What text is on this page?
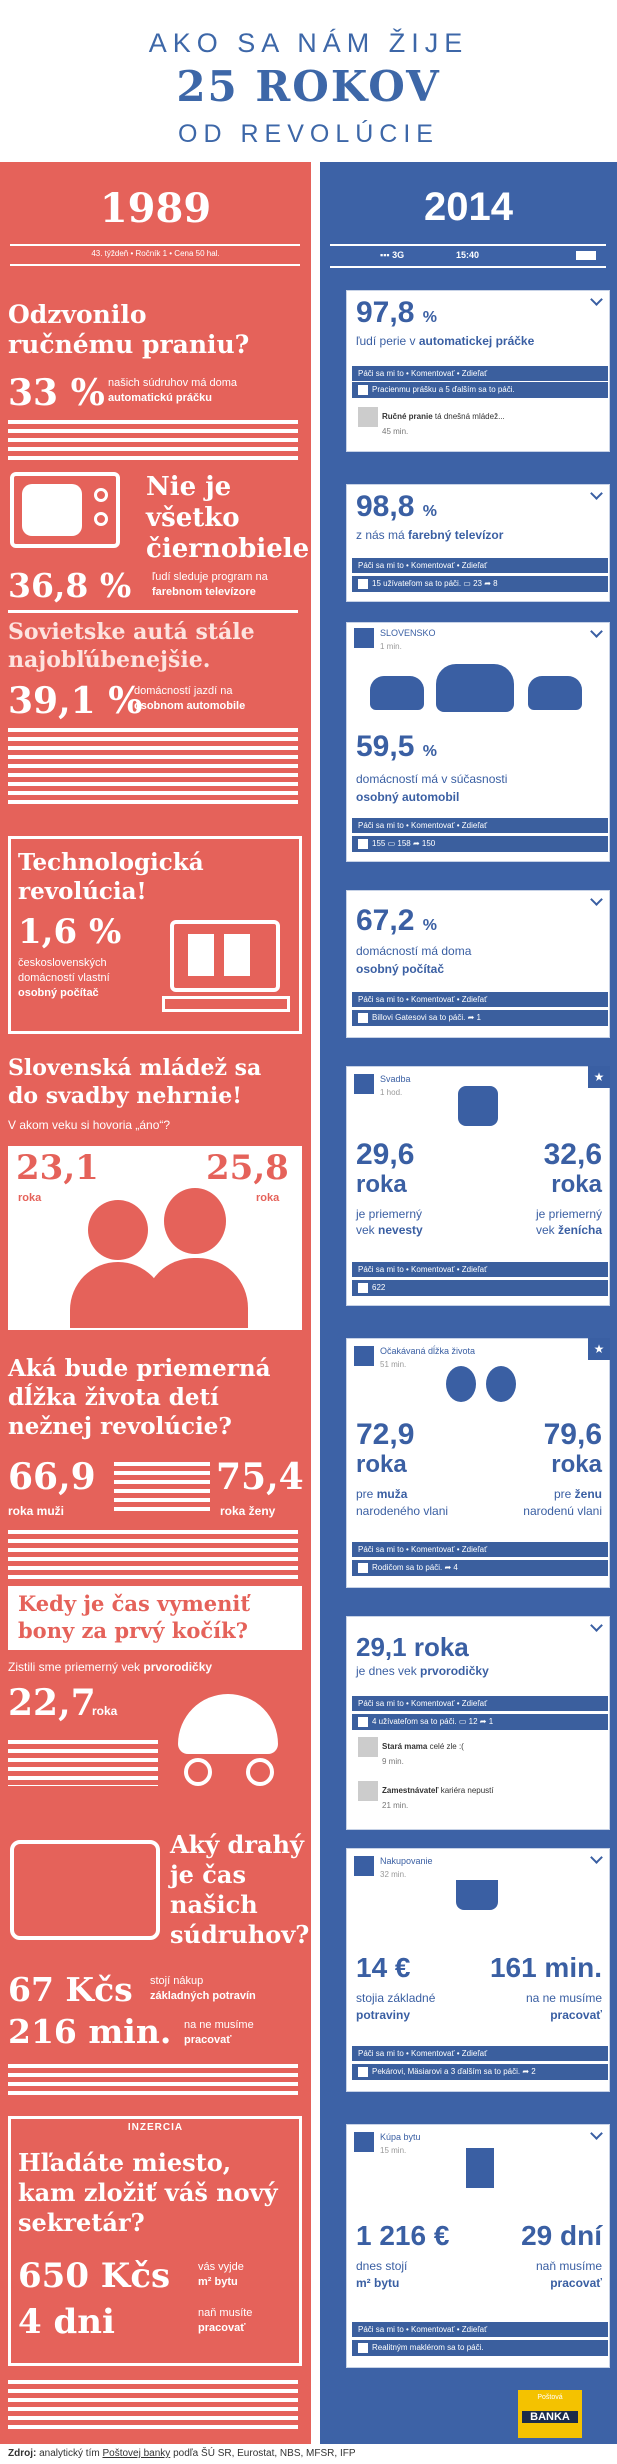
AKO SA NÁM ŽIJE
25 ROKOV
OD REVOLÚCIE
1989
43. týždeň • Ročník 1 • Cena 50 hal.
Odzvonilo
ručnému praniu?
33 % našich súdruhov má doma
automatickú práčku
Nie je
všetko
čiernobiele.
36,8 % ľudí sleduje program na
farebnom televízore
Sovietske autá stále
najobľúbenejšie.
39,1 %
domácností jazdí na
osobnom automobile
Technologická
revolúcia!
1,6 %
československých
domácností vlastní
osobný počítač
Slovenská mládež sa
do svadby nehrnie!
V akom veku si hovoria „áno“?
23,1
roka
25,8
roka
Aká bude priemerná
dĺžka života detí
nežnej revolúcie?
66,9
roka muži
75,4
roka ženy
Kedy je čas vymeniť
bony za prvý kočík?
Zistili sme priemerný vek prvorodičky
22,7
roka
Aký drahý
je čas
našich
súdruhov?
67 Kčs stojí nákup
základných potravín
216 min. na ne musíme
pracovať
INZERCIA
Hľadáte miesto,
kam zložiť váš nový
sekretár?
650 Kčs	vás vyjde
m² bytu
4 dni	naň musíte
pracovať
2014
▪▪▪ 3G	15:40
97,8 %
ľudí perie v automatickej práčke
Páči sa mi to • Komentovať • Zdieľať
Pracienmu prášku a 5 ďalším sa to páči.
Ručné pranie tá dnešná mládež...
45 min.
98,8 %
z nás má farebný televízor
Páči sa mi to • Komentovať • Zdieľať
15 užívateľom sa to páči. ▭ 23 ➦ 8
SLOVENSKO
1 min.
59,5 %
domácností má v súčasnosti
osobný automobil
Páči sa mi to • Komentovať • Zdieľať
155 ▭ 158 ➦ 150
67,2 %
domácností má doma
osobný počítač
Páči sa mi to • Komentovať • Zdieľať
Billovi Gatesovi sa to páči. ➦ 1
★
Svadba
1 hod.
29,6
roka
je priemerný
vek nevesty
32,6
roka
je priemerný
vek ženícha
Páči sa mi to • Komentovať • Zdieľať
622
★
Očakávaná dĺžka života
51 min.
72,9
roka
pre muža
narodeného vlani
79,6
roka
pre ženu
narodenú vlani
Páči sa mi to • Komentovať • Zdieľať
Rodičom sa to páči. ➦ 4
29,1 roka
je dnes vek prvorodičky
Páči sa mi to • Komentovať • Zdieľať
4 užívateľom sa to páči. ▭ 12 ➦ 1
Stará mama celé zle :(
9 min.
Zamestnávateľ kariéra nepustí
21 min.
Nakupovanie
32 min.
14 €
stojia základné
potraviny
161 min.
na ne musíme
pracovať
Páči sa mi to • Komentovať • Zdieľať
Pekárovi, Mäsiarovi a 3 ďalším sa to páči. ➦ 2
Kúpa bytu
15 min.
1 216 €
dnes stojí
m² bytu
29 dní
naň musíme
pracovať
Páči sa mi to • Komentovať • Zdieľať
Realitným maklérom sa to páči.
Poštová
BANKA
Zdroj: analytický tím Poštovej banky podľa ŠÚ SR, Eurostat, NBS, MFSR, IFP
